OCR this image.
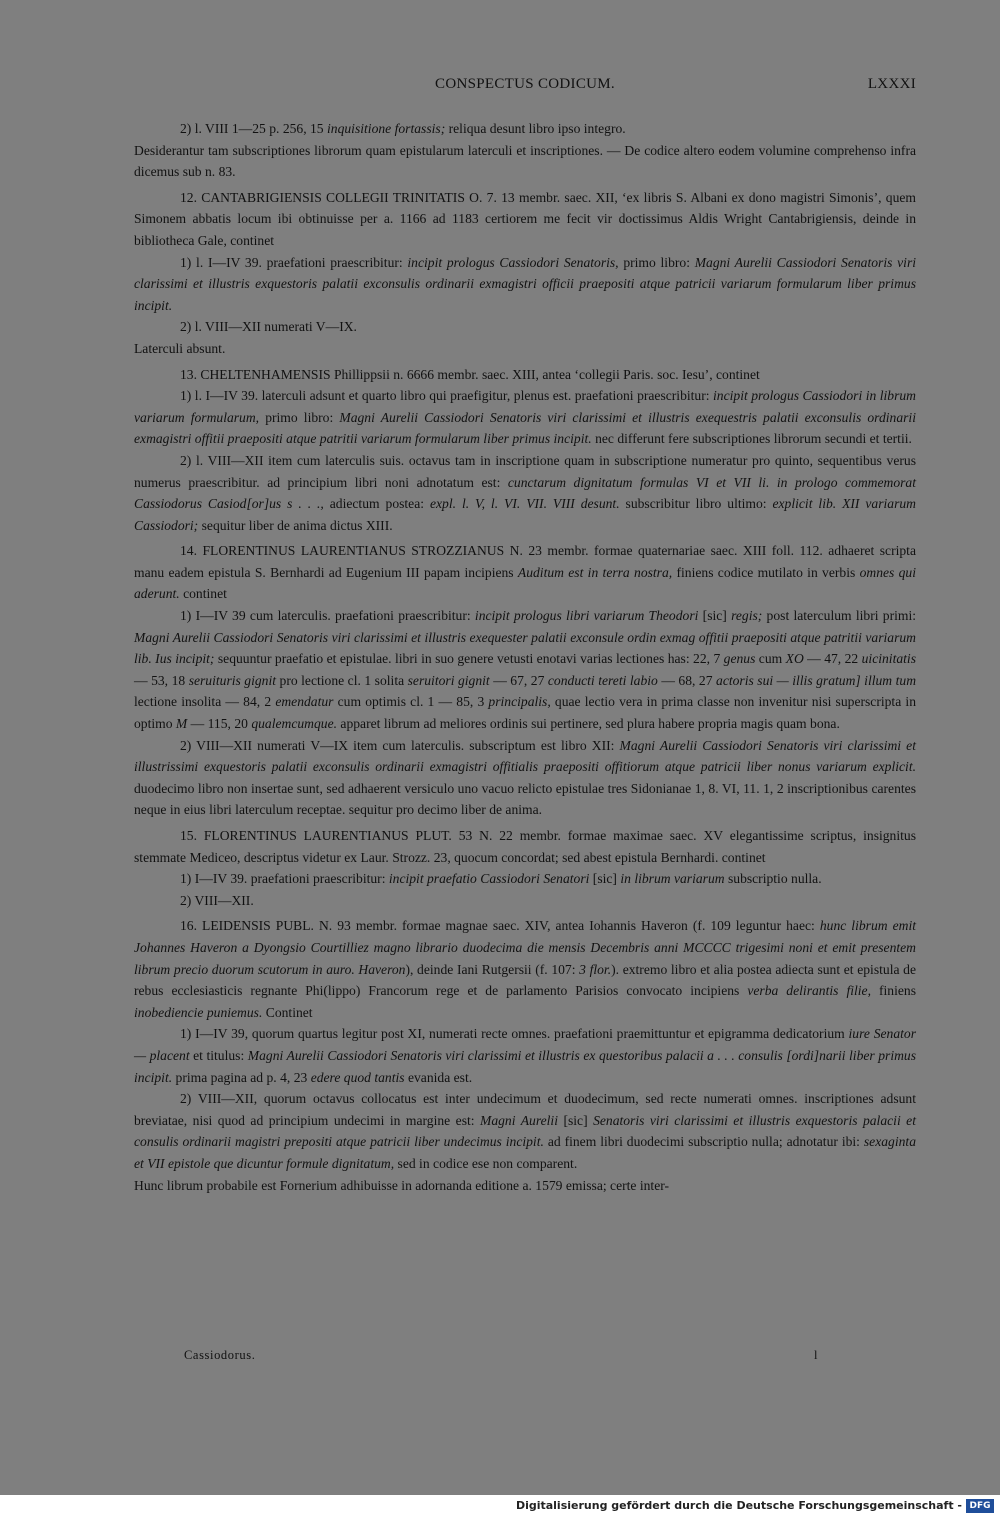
CONSPECTUS CODICUM.	LXXXI

2) l. VIII 1—25 p. 256, 15 inquisitione fortassis; reliqua desunt libro ipso integro.

Desiderantur tam subscriptiones librorum quam epistularum laterculi et inscriptiones. — De codice altero eodem volumine comprehenso infra dicemus sub n. 83.

12. CANTABRIGIENSIS COLLEGII TRINITATIS O. 7. 13 membr. saec. XII, ‘ex libris S. Albani ex dono magistri Simonis’, quem Simonem abbatis locum ibi obtinuisse per a. 1166 ad 1183 certiorem me fecit vir doctissimus Aldis Wright Cantabrigiensis, deinde in bibliotheca Gale, continet

1) l. I—IV 39. praefationi praescribitur: incipit prologus Cassiodori Senatoris, primo libro: Magni Aurelii Cassiodori Senatoris viri clarissimi et illustris exquestoris palatii exconsulis ordinarii exmagistri officii praepositi atque patricii variarum formularum liber primus incipit.

2) l. VIII—XII numerati V—IX.

Laterculi absunt.

13. CHELTENHAMENSIS Phillippsii n. 6666 membr. saec. XIII, antea ‘collegii Paris. soc. Iesu’, continet

1) l. I—IV 39. laterculi adsunt et quarto libro qui praefigitur, plenus est. praefationi praescribitur: incipit prologus Cassiodori in librum variarum formularum, primo libro: Magni Aurelii Cassiodori Senatoris viri clarissimi et illustris exequestris palatii exconsulis ordinarii exmagistri offitii praepositi atque patritii variarum formularum liber primus incipit. nec differunt fere subscriptiones librorum secundi et tertii.

2) l. VIII—XII item cum laterculis suis. octavus tam in inscriptione quam in subscriptione numeratur pro quinto, sequentibus verus numerus praescribitur. ad principium libri noni adnotatum est: cunctarum dignitatum formulas VI et VII li. in prologo commemorat Cassiodorus Casiod[or]us s . . ., adiectum postea: expl. l. V, l. VI. VII. VIII desunt. subscribitur libro ultimo: explicit lib. XII variarum Cassiodori; sequitur liber de anima dictus XIII.

14. FLORENTINUS LAURENTIANUS STROZZIANUS N. 23 membr. formae quaternariae saec. XIII foll. 112. adhaeret scripta manu eadem epistula S. Bernhardi ad Eugenium III papam incipiens Auditum est in terra nostra, finiens codice mutilato in verbis omnes qui aderunt. continet

1) I—IV 39 cum laterculis. praefationi praescribitur: incipit prologus libri variarum Theodori [sic] regis; post laterculum libri primi: Magni Aurelii Cassiodori Senatoris viri clarissimi et illustris exequester palatii exconsule ordin exmag offitii praepositi atque patritii variarum lib. Ius incipit; sequuntur praefatio et epistulae. libri in suo genere vetusti enotavi varias lectiones has: 22, 7 genus cum XO — 47, 22 uicinitatis — 53, 18 seruituris gignit pro lectione cl. 1 solita seruitori gignit — 67, 27 conducti tereti labio — 68, 27 actoris sui — illis gratum] illum tum lectione insolita — 84, 2 emendatur cum optimis cl. 1 — 85, 3 principalis, quae lectio vera in prima classe non invenitur nisi superscripta in optimo M — 115, 20 qualemcumque. apparet librum ad meliores ordinis sui pertinere, sed plura habere propria magis quam bona.

2) VIII—XII numerati V—IX item cum laterculis. subscriptum est libro XII: Magni Aurelii Cassiodori Senatoris viri clarissimi et illustrissimi exquestoris palatii exconsulis ordinarii exmagistri offitialis praepositi offitiorum atque patricii liber nonus variarum explicit. duodecimo libro non insertae sunt, sed adhaerent versiculo uno vacuo relicto epistulae tres Sidonianae 1, 8. VI, 11. 1, 2 inscriptionibus carentes neque in eius libri laterculum receptae. sequitur pro decimo liber de anima.

15. FLORENTINUS LAURENTIANUS PLUT. 53 N. 22 membr. formae maximae saec. XV elegantissime scriptus, insignitus stemmate Mediceo, descriptus videtur ex Laur. Strozz. 23, quocum concordat; sed abest epistula Bernhardi. continet

1) I—IV 39. praefationi praescribitur: incipit praefatio Cassiodori Senatori [sic] in librum variarum subscriptio nulla.

2) VIII—XII.

16. LEIDENSIS PUBL. N. 93 membr. formae magnae saec. XIV, antea Iohannis Haveron (f. 109 leguntur haec: hunc librum emit Johannes Haveron a Dyongsio Courtilliez magno librario duodecima die mensis Decembris anni MCCCC trigesimi noni et emit presentem librum precio duorum scutorum in auro. Haveron), deinde Iani Rutgersii (f. 107: 3 flor.). extremo libro et alia postea adiecta sunt et epistula de rebus ecclesiasticis regnante Phi(lippo) Francorum rege et de parlamento Parisios convocato incipiens verba delirantis filie, finiens inobediencie puniemus. Continet

1) I—IV 39, quorum quartus legitur post XI, numerati recte omnes. praefationi praemittuntur et epigramma dedicatorium iure Senator — placent et titulus: Magni Aurelii Cassiodori Senatoris viri clarissimi et illustris ex questoribus palacii a . . . consulis [ordi]narii liber primus incipit. prima pagina ad p. 4, 23 edere quod tantis evanida est.

2) VIII—XII, quorum octavus collocatus est inter undecimum et duodecimum, sed recte numerati omnes. inscriptiones adsunt breviatae, nisi quod ad principium undecimi in margine est: Magni Aurelii [sic] Senatoris viri clarissimi et illustris exquestoris palacii et consulis ordinarii magistri prepositi atque patricii liber undecimus incipit. ad finem libri duodecimi subscriptio nulla; adnotatur ibi: sexaginta et VII epistole que dicuntur formule dignitatum, sed in codice ese non comparent.

Hunc librum probabile est Fornerium adhibuisse in adornanda editione a. 1579 emissa; certe inter-

Cassiodorus.	l
Digitalisierung gefördert durch die Deutsche Forschungsgemeinschaft - DFG
